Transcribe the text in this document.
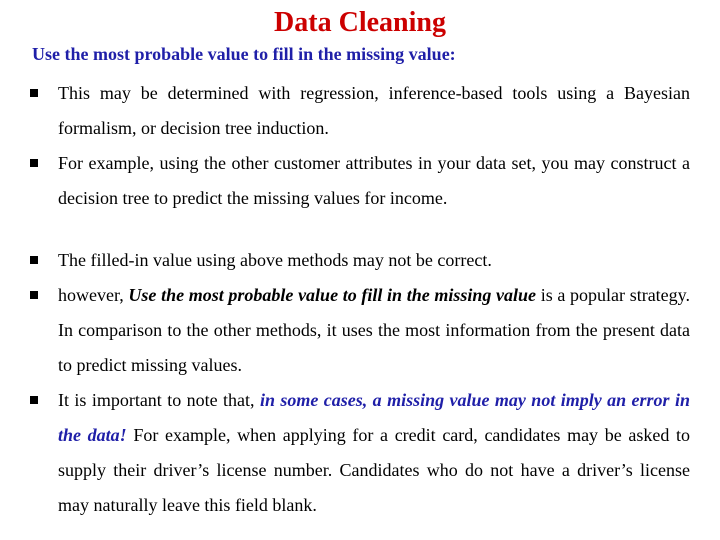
Data Cleaning
Use the most probable value to fill in the missing value:
This may be determined with regression, inference-based tools using a Bayesian formalism, or decision tree induction.
For example, using the other customer attributes in your data set, you may construct a decision tree to predict the missing values for income.
The filled-in value using above methods may not be correct.
however, Use the most probable value to fill in the missing value is a popular strategy. In comparison to the other methods, it uses the most information from the present data to predict missing values.
It is important to note that, in some cases, a missing value may not imply an error in the data! For example, when applying for a credit card, candidates may be asked to supply their driver’s license number. Candidates who do not have a driver’s license may naturally leave this field blank.
